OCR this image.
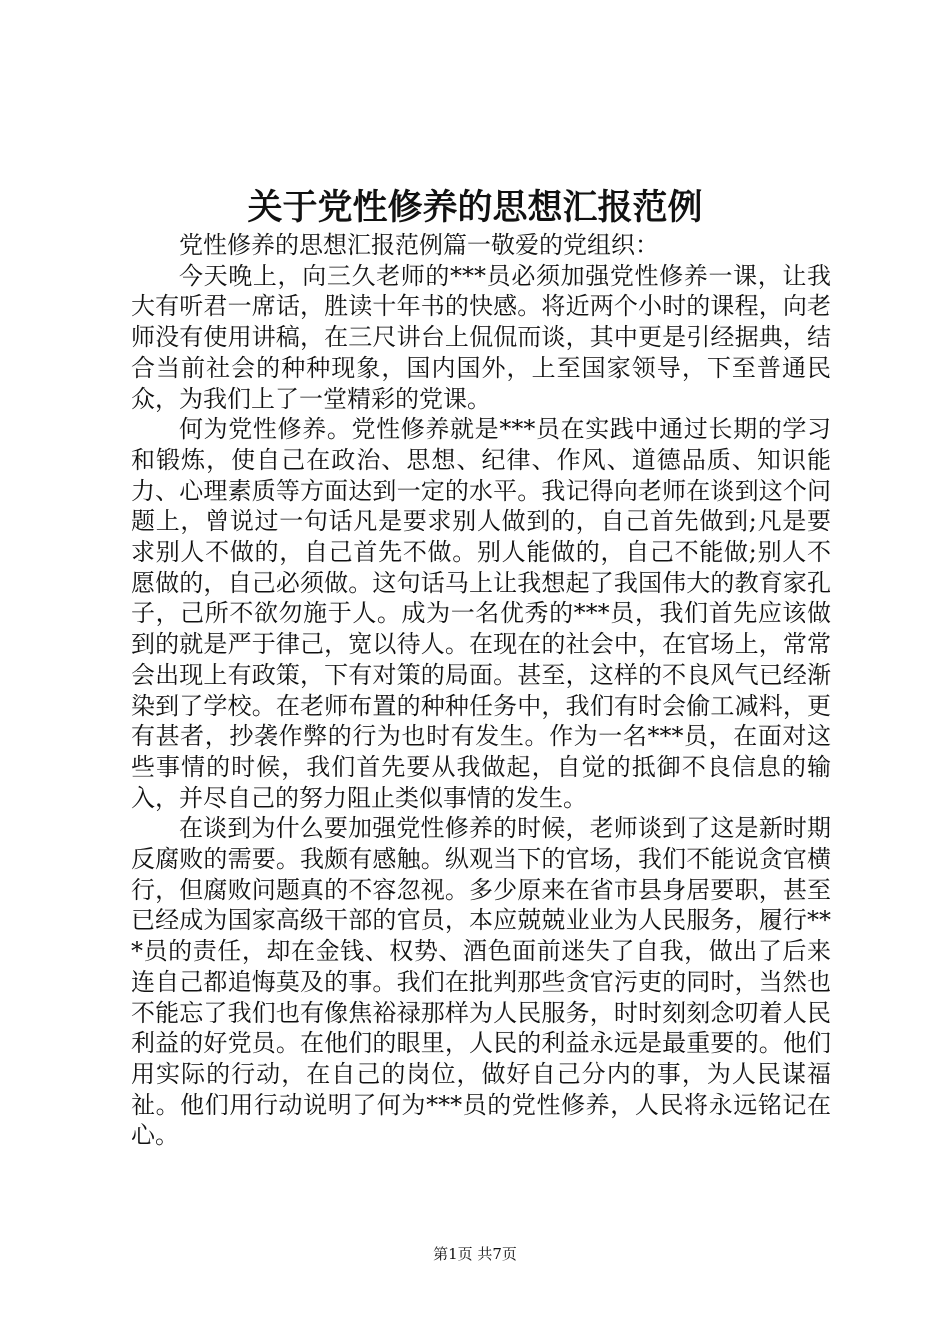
关于党性修养的思想汇报范例

党性修养的思想汇报范例篇一敬爱的党组织：

今天晚上，向三久老师的***员必须加强党性修养一课，让我大有听君一席话，胜读十年书的快感。将近两个小时的课程，向老师没有使用讲稿，在三尺讲台上侃侃而谈，其中更是引经据典，结合当前社会的种种现象，国内国外，上至国家领导，下至普通民众，为我们上了一堂精彩的党课。

何为党性修养。党性修养就是***员在实践中通过长期的学习和锻炼，使自己在政治、思想、纪律、作风、道德品质、知识能力、心理素质等方面达到一定的水平。我记得向老师在谈到这个问题上，曾说过一句话凡是要求别人做到的，自己首先做到;凡是要求别人不做的，自己首先不做。别人能做的，自己不能做;别人不愿做的，自己必须做。这句话马上让我想起了我国伟大的教育家孔子，己所不欲勿施于人。成为一名优秀的***员，我们首先应该做到的就是严于律己，宽以待人。在现在的社会中，在官场上，常常会出现上有政策，下有对策的局面。甚至，这样的不良风气已经渐染到了学校。在老师布置的种种任务中，我们有时会偷工减料，更有甚者，抄袭作弊的行为也时有发生。作为一名***员，在面对这些事情的时候，我们首先要从我做起，自觉的抵御不良信息的输入，并尽自己的努力阻止类似事情的发生。

在谈到为什么要加强党性修养的时候，老师谈到了这是新时期反腐败的需要。我颇有感触。纵观当下的官场，我们不能说贪官横行，但腐败问题真的不容忽视。多少原来在省市县身居要职，甚至已经成为国家高级干部的官员，本应兢兢业业为人民服务，履行***员的责任，却在金钱、权势、酒色面前迷失了自我，做出了后来连自己都追悔莫及的事。我们在批判那些贪官污吏的同时，当然也不能忘了我们也有像焦裕禄那样为人民服务，时时刻刻念叨着人民利益的好党员。在他们的眼里，人民的利益永远是最重要的。他们用实际的行动，在自己的岗位，做好自己分内的事，为人民谋福祉。他们用行动说明了何为***员的党性修养，人民将永远铭记在心。

第1页 共7页
